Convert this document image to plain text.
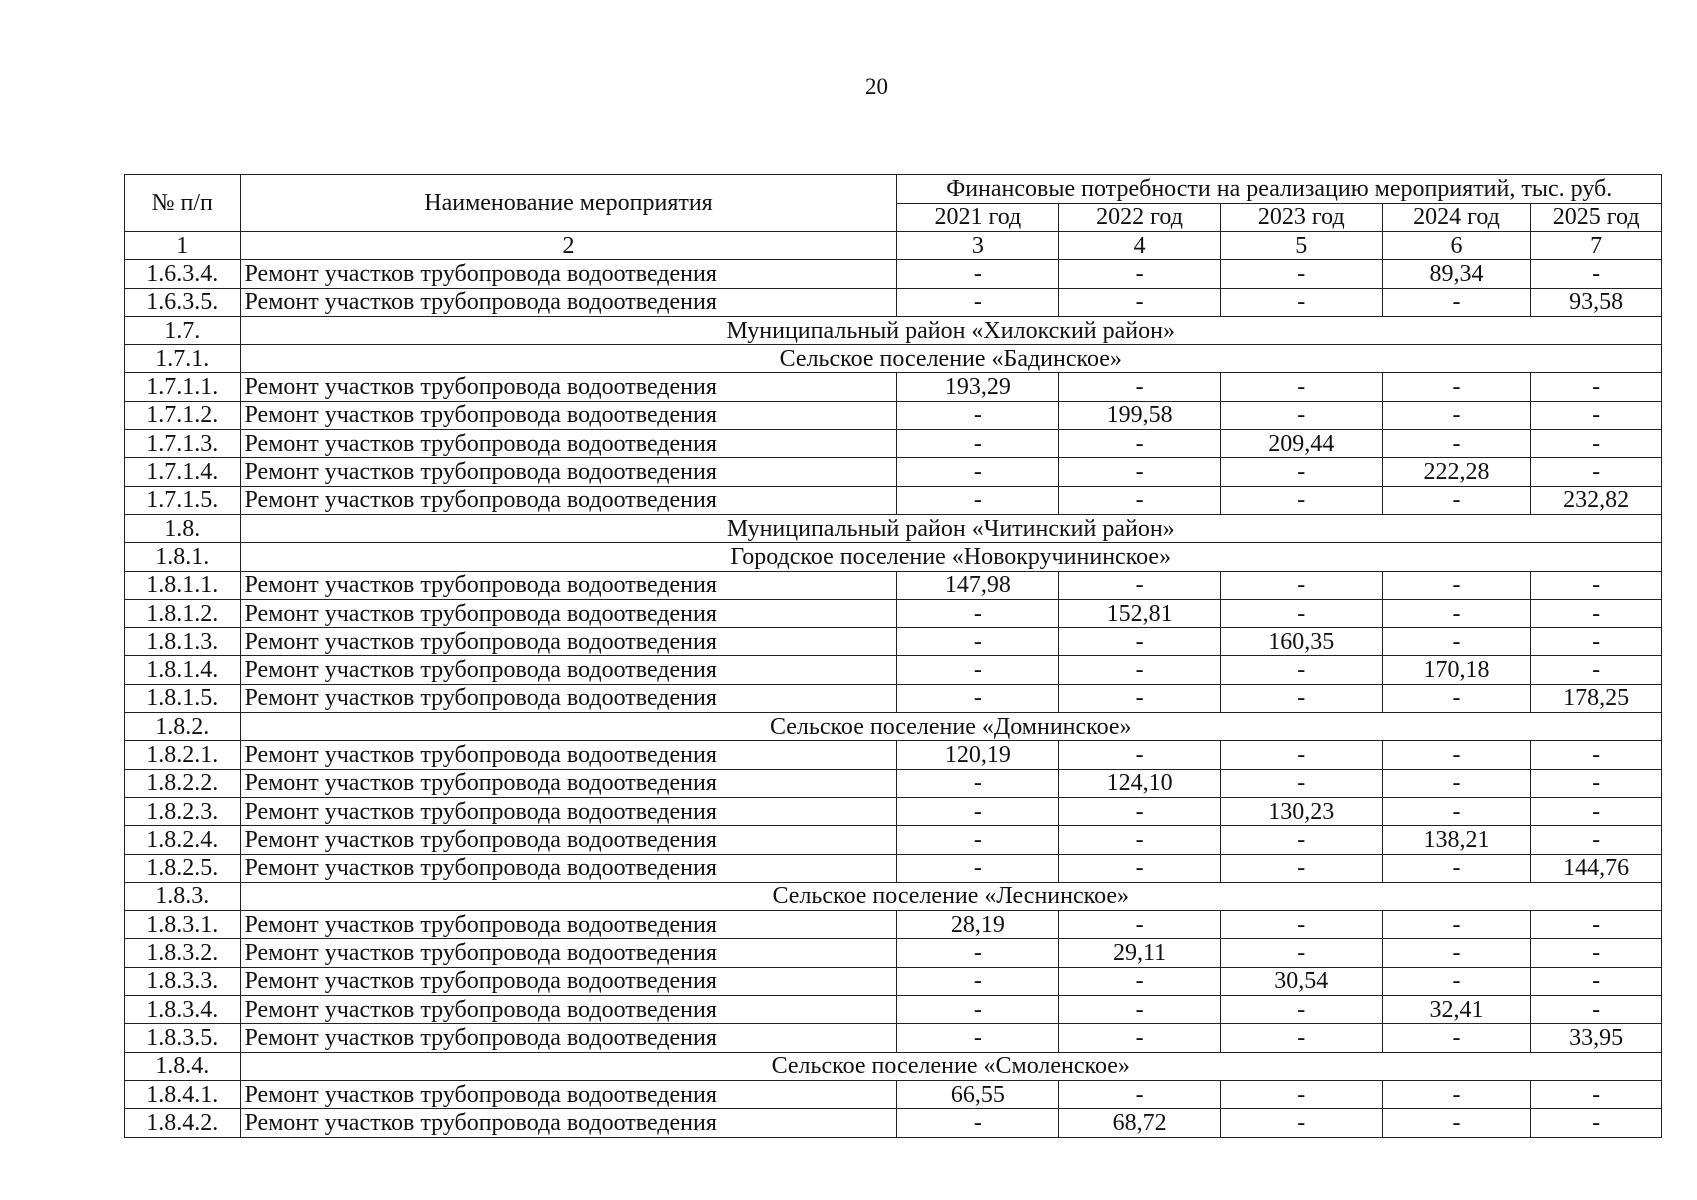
20
№ п/п	Наименование мероприятия	Финансовые потребности на реализацию мероприятий, тыс. руб.				
		2021 год	2022 год	2023 год	2024 год	2025 год
1	2	3	4	5	6	7
1.6.3.4.	Ремонт участков трубопровода водоотведения	-	-	-	89,34	-
1.6.3.5.	Ремонт участков трубопровода водоотведения	-	-	-	-	93,58
1.7.	Муниципальный район «Хилокский район»					
1.7.1.	Сельское поселение «Бадинское»					
1.7.1.1.	Ремонт участков трубопровода водоотведения	193,29	-	-	-	-
1.7.1.2.	Ремонт участков трубопровода водоотведения	-	199,58	-	-	-
1.7.1.3.	Ремонт участков трубопровода водоотведения	-	-	209,44	-	-
1.7.1.4.	Ремонт участков трубопровода водоотведения	-	-	-	222,28	-
1.7.1.5.	Ремонт участков трубопровода водоотведения	-	-	-	-	232,82
1.8.	Муниципальный район «Читинский район»					
1.8.1.	Городское поселение «Новокручининское»					
1.8.1.1.	Ремонт участков трубопровода водоотведения	147,98	-	-	-	-
1.8.1.2.	Ремонт участков трубопровода водоотведения	-	152,81	-	-	-
1.8.1.3.	Ремонт участков трубопровода водоотведения	-	-	160,35	-	-
1.8.1.4.	Ремонт участков трубопровода водоотведения	-	-	-	170,18	-
1.8.1.5.	Ремонт участков трубопровода водоотведения	-	-	-	-	178,25
1.8.2.	Сельское поселение «Домнинское»					
1.8.2.1.	Ремонт участков трубопровода водоотведения	120,19	-	-	-	-
1.8.2.2.	Ремонт участков трубопровода водоотведения	-	124,10	-	-	-
1.8.2.3.	Ремонт участков трубопровода водоотведения	-	-	130,23	-	-
1.8.2.4.	Ремонт участков трубопровода водоотведения	-	-	-	138,21	-
1.8.2.5.	Ремонт участков трубопровода водоотведения	-	-	-	-	144,76
1.8.3.	Сельское поселение «Леснинское»					
1.8.3.1.	Ремонт участков трубопровода водоотведения	28,19	-	-	-	-
1.8.3.2.	Ремонт участков трубопровода водоотведения	-	29,11	-	-	-
1.8.3.3.	Ремонт участков трубопровода водоотведения	-	-	30,54	-	-
1.8.3.4.	Ремонт участков трубопровода водоотведения	-	-	-	32,41	-
1.8.3.5.	Ремонт участков трубопровода водоотведения	-	-	-	-	33,95
1.8.4.	Сельское поселение «Смоленское»					
1.8.4.1.	Ремонт участков трубопровода водоотведения	66,55	-	-	-	-
1.8.4.2.	Ремонт участков трубопровода водоотведения	-	68,72	-	-	-
